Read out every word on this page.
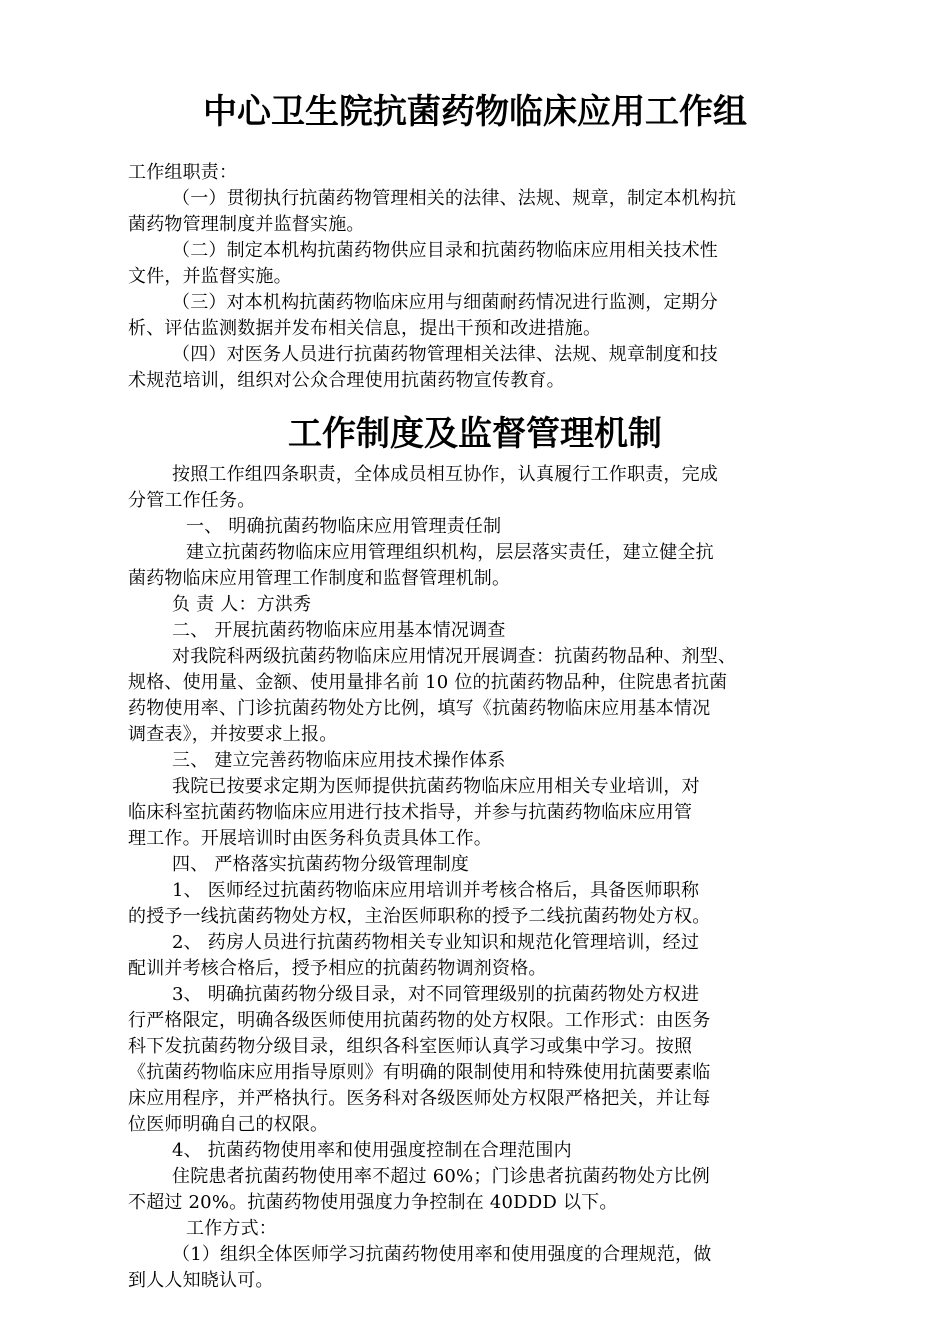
中心卫生院抗菌药物临床应用工作组
工作组职责：
（一）贯彻执行抗菌药物管理相关的法律、法规、规章，制定本机构抗
菌药物管理制度并监督实施。
（二）制定本机构抗菌药物供应目录和抗菌药物临床应用相关技术性
文件，并监督实施。
（三）对本机构抗菌药物临床应用与细菌耐药情况进行监测，定期分
析、评估监测数据并发布相关信息，提出干预和改进措施。
（四）对医务人员进行抗菌药物管理相关法律、法规、规章制度和技
术规范培训，组织对公众合理使用抗菌药物宣传教育。
工作制度及监督管理机制
按照工作组四条职责，全体成员相互协作，认真履行工作职责，完成
分管工作任务。
一、 明确抗菌药物临床应用管理责任制
建立抗菌药物临床应用管理组织机构，层层落实责任，建立健全抗
菌药物临床应用管理工作制度和监督管理机制。
负 责 人：方洪秀
二、 开展抗菌药物临床应用基本情况调查
对我院科两级抗菌药物临床应用情况开展调查：抗菌药物品种、剂型、
规格、使用量、金额、使用量排名前 10 位的抗菌药物品种，住院患者抗菌
药物使用率、门诊抗菌药物处方比例，填写《抗菌药物临床应用基本情况
调查表》，并按要求上报。
三、 建立完善药物临床应用技术操作体系
我院已按要求定期为医师提供抗菌药物临床应用相关专业培训，对
临床科室抗菌药物临床应用进行技术指导，并参与抗菌药物临床应用管
理工作。开展培训时由医务科负责具体工作。
四、 严格落实抗菌药物分级管理制度
1、 医师经过抗菌药物临床应用培训并考核合格后，具备医师职称
的授予一线抗菌药物处方权，主治医师职称的授予二线抗菌药物处方权。
2、 药房人员进行抗菌药物相关专业知识和规范化管理培训，经过
配训并考核合格后，授予相应的抗菌药物调剂资格。
3、 明确抗菌药物分级目录，对不同管理级别的抗菌药物处方权进
行严格限定，明确各级医师使用抗菌药物的处方权限。工作形式：由医务
科下发抗菌药物分级目录，组织各科室医师认真学习或集中学习。按照
《抗菌药物临床应用指导原则》有明确的限制使用和特殊使用抗菌要素临
床应用程序，并严格执行。医务科对各级医师处方权限严格把关，并让每
位医师明确自己的权限。
4、 抗菌药物使用率和使用强度控制在合理范围内
住院患者抗菌药物使用率不超过 60%；门诊患者抗菌药物处方比例
不超过 20%。抗菌药物使用强度力争控制在 40DDD 以下。
工作方式：
（1）组织全体医师学习抗菌药物使用率和使用强度的合理规范，做
到人人知晓认可。
